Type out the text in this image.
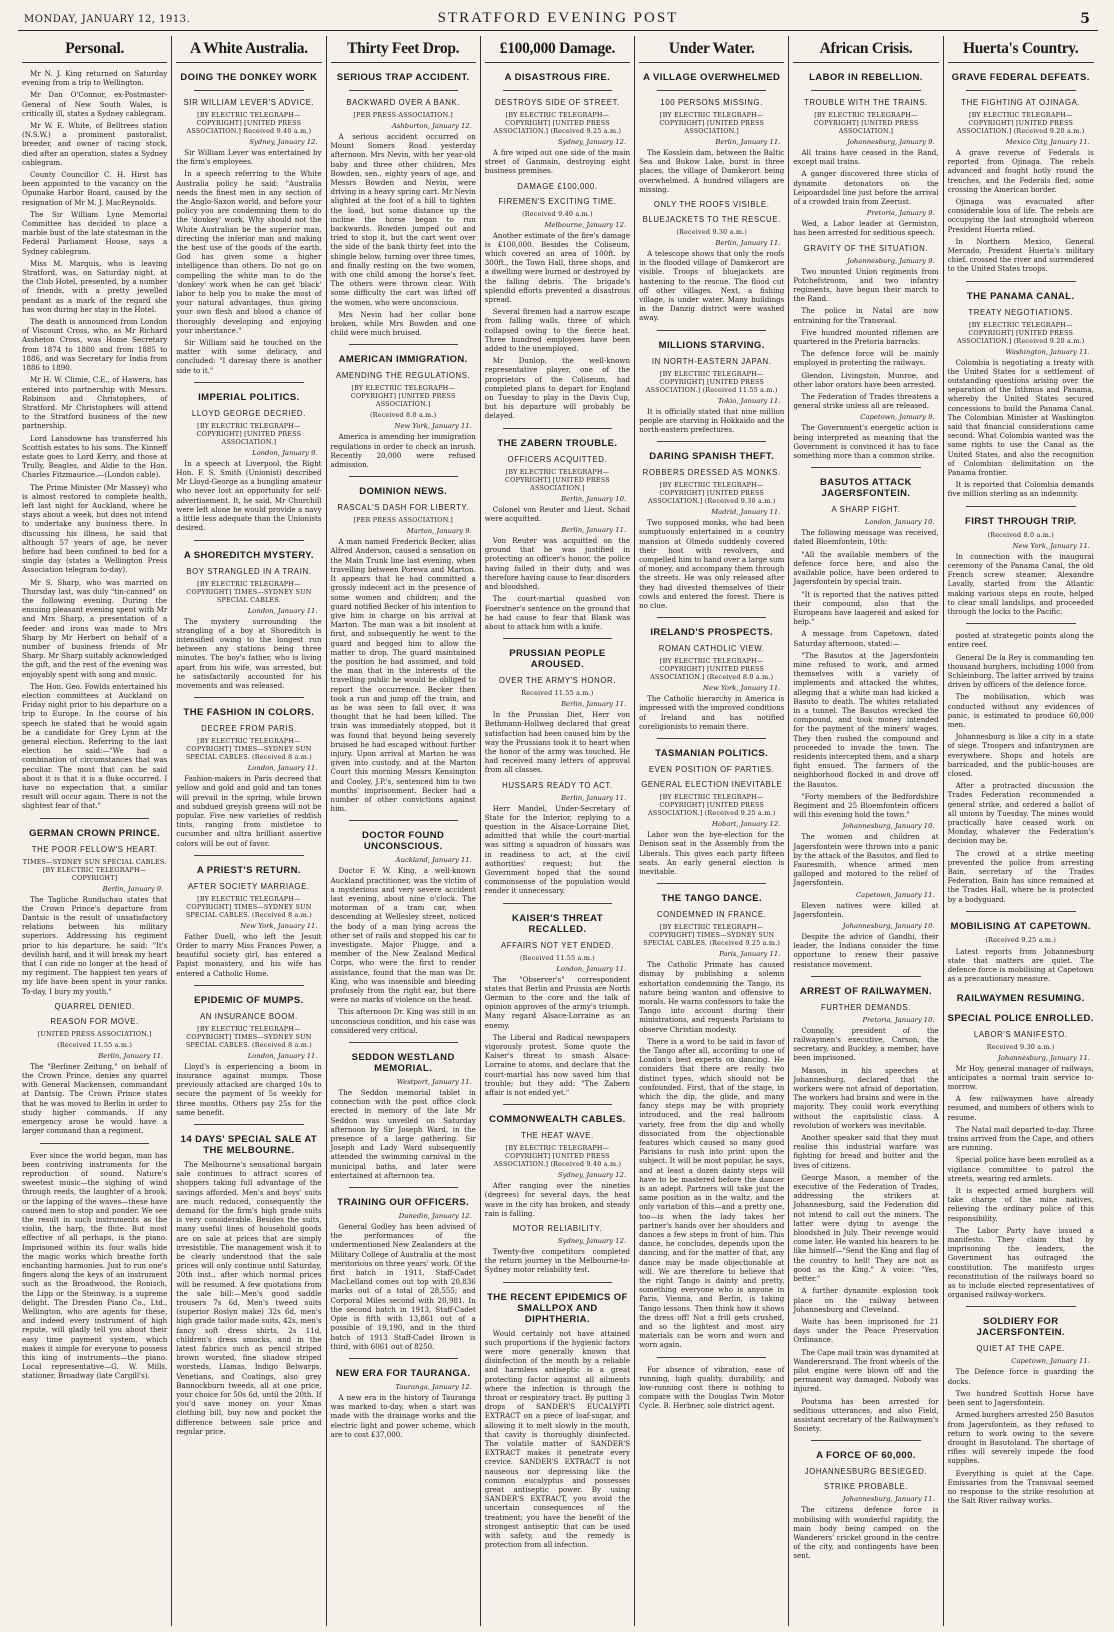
MONDAY, JANUARY 12, 1913.	STRATFORD EVENING POST	5
Personal.
Mr N. J. King returned on Saturday evening from a trip to Wellington.
Mr Dan O'Connor, ex-Postmaster-General of New South Wales, is critically ill, states a Sydney cablegram.
Mr W. E. White, of Belltrees station (N.S.W.) a prominent pastoralist, breeder, and owner of racing stock, died after an operation, states a Sydney cablegram.
County Councillor C. H. Hirst has been appointed to the vacancy on the Opunake Harbor Board, caused by the resignation of Mr M. J. MacReynolds.
The Sir William Lyne Memorial Committee has decided to place a marble bust of the late statesman in the Federal Parliament House, says a Sydney cablegram.
Miss M. Marquis, who is leaving Stratford, was, on Saturday night, at the Club Hotel, presented, by a number of friends, with a pretty jewelled pendant as a mark of the regard she has won during her stay in the Hotel.
The death is announced from London of Viscount Cross, who, as Mr Richard Assheton Cross, was Home Secretary from 1874 to 1880 and from 1885 to 1886, and was Secretary for India from 1886 to 1890.
Mr H. W. Climie, C.E., of Hawera, has entered into partnership with Messrs. Robinson and Christophers, of Stratford. Mr Christophers will attend to the Stratford business of the new partnership.
Lord Lansdowne has transferred his Scottish estates to his sons. The Kinneff estate goes to Lord Kerry, and those at Trully, Beagles, and Aldie to the Hon. Charles Fitzmaurice.—(London cable).
The Prime Minister (Mr Massey) who is almost restored to complete health, left last night for Auckland, where he stays about a week, but does not intend to undertake any business there. In discussing his illness, he said that although 57 years of age, he never before had been confined to bed for a single day (states a Wellington Press Association telegram to-day).
Mr S. Sharp, who was married on Thursday last, was duly "tin-canned" on the following evening. During the ensuing pleasant evening spent with Mr and Mrs Sharp, a presentation of a feeder and irons was made to Mrs Sharp by Mr Herbert on behalf of a number of business friends of Mr Sharp. Mr Sharp suitably acknowledged the gift, and the rest of the evening was enjoyably spent with song and music.
The Hon. Geo. Fowlds entertained his election committees at Auckland on Friday night prior to his departure on a trip to Europe. In the course of his speech he stated that he would again be a candidate for Grey Lynn at the general election. Referring to the last election he said:—"We had a combination of circumstances that was peculiar. The most that can be said about it is that it is a fluke occurred. I have no expectation that a similar result will occur again. There is not the slightest fear of that."
GERMAN CROWN PRINCE.
THE POOR FELLOW'S HEART.
TIMES—SYDNEY SUN SPECIAL CABLES. [BY ELECTRIC TELEGRAPH—COPYRIGHT]
Berlin, January 9.
The Tagliche Rundschau states that the Crown Prince's departure from Dantsic is the result of unsatisfactory relations between his military superiors. Addressing his regiment prior to his departure, he said: "It's devilish hard, and it will break my heart that I can ride no longer at the head of my regiment. The happiest ten years of my life have been spent in your ranks. To-day, I bury my youth."
QUARREL DENIED.
REASON FOR MOVE.
[UNITED PRESS ASSOCIATION.]
(Received 11.55 a.m.)
Berlin, January 11.
The "Berliner Zeitung," on behalf of the Crown Prince, denies any quarrel with General Mackensen, commandant at Dantsig. The Crown Prince states that he was moved to Berlin in order to study higher commands. If any emergency arose he would have a larger command than a regiment.
Ever since the world began, man has been contriving instruments for the reproduction of sound. Nature's sweetest music—the sighing of wind through reeds, the laughter of a brook, or the lapping of the waves—these have caused men to stop and ponder. We see the result in such instruments as the violin, the harp, the flute. But most effective of all perhaps, is the piano. Imprisoned within its four walls hide the magic works which breathe forth enchanting harmonies. Just to run one's fingers along the keys of an instrument such as the Broadwood, the Ronisch, the Lipp or the Steinway, is a supreme delight. The Dresden Piano Co., Ltd., Wellington, who are agents for these, and indeed every instrument of high repute, will gladly tell you about their easy time payment system, which makes it simple for everyone to possess this king of instruments—the piano. Local representative—G. W. Mills, stationer, Broadway (late Cargill's).
A White Australia.
DOING THE DONKEY WORK
SIR WILLIAM LEVER'S ADVICE.
[BY ELECTRIC TELEGRAPH—COPYRIGHT] [UNITED PRESS ASSOCIATION.] Received 9.40 a.m.)
Sydney, January 12.
Sir William Lever was entertained by the firm's employees.
In a speech referring to the White Australia policy he said: "Australia needs the finest men in any section of the Anglo-Saxon world, and before your policy you are condemning them to do the 'donkey' work. Why should not the White Australian be the superior man, directing the inferior man and making the best use of the goods of the earth. God has given some a higher intelligence than others. Do not go on compelling the white man to do the 'donkey' work when he can get 'black' labor to help you to make the most of your natural advantages, thus giving your own flesh and blood a chance of thoroughly developing and enjoying your inheritance."
Sir William said he touched on the matter with some delicacy, and concluded: "I daresay there is another side to it."
IMPERIAL POLITICS.
LLOYD GEORGE DECRIED.
[BY ELECTRIC TELEGRAPH—COPYRIGHT] [UNITED PRESS ASSOCIATION.]
London, January 9.
In a speech at Liverpool, the Right Hon. F. S. Smith (Unionist) described Mr Lloyd-George as a bungling amateur who never lost an opportunity for self-advertisement. It, he said, Mr Churchill were left alone he would provide a navy a little less adequate than the Unionists desired.
A SHOREDITCH MYSTERY.
BOY STRANGLED IN A TRAIN.
[BY ELECTRIC TELEGRAPH—COPYRIGHT] TIMES—SYDNEY SUN SPECIAL CABLES.
London, January 11.
The mystery surrounding the strangling of a boy at Shoreditch is intensified owing to the longest run between any stations being three minutes. The boy's father, who is living apart from his wife, was arrested, but he satisfactorily accounted for his movements and was released.
THE FASHION IN COLORS.
DECREE FROM PARIS.
[BY ELECTRIC TELEGRAPH—COPYRIGHT] TIMES—SYDNEY SUN SPECIAL CABLES. (Received 8 a.m.)
London, January 11.
Fashion-makers in Paris decreed that yellow and gold and gold and tan tones will prevail in the spring, while brown and subdued greyish greens will not be popular. Five new varieties of reddish tints, ranging from mistletoe to cucumber and ultra brilliant assertive colors will be out of favor.
A PRIEST'S RETURN.
AFTER SOCIETY MARRIAGE.
[BY ELECTRIC TELEGRAPH—COPYRIGHT] TIMES—SYDNEY SUN SPECIAL CABLES. (Received 8 a.m.)
New York, January 11.
Father Duell, who left the Jesuit Order to marry Miss Frances Power, a beautiful society girl, has entered a Papist monastery, and his wife has entered a Catholic Home.
EPIDEMIC OF MUMPS.
AN INSURANCE BOOM.
[BY ELECTRIC TELEGRAPH—COPYRIGHT] TIMES—SYDNEY SUN SPECIAL CABLES. (Received 8 a.m.)
London, January 11.
Lloyd's is experiencing a boom in insurance against mumps. Those previously attacked are charged 10s to secure the payment of 5s weekly for three months. Others pay 25s for the same benefit.
14 DAYS' SPECIAL SALE AT THE MELBOURNE.
The Melbourne's sensational bargain sale continues to attract scores of shoppers taking full advantage of the savings afforded. Men's and boys' suits are much reduced, consequently the demand for the firm's high grade suits is very considerable. Besides the suits, many useful lines of household goods are on sale at prices that are simply irresistible. The management wish it to be clearly understood that the sale prices will only continue until Saturday, 20th inst., after which normal prices will be resumed. A few quotations from the sale bill:—Men's good saddle trousers 7s 6d, Men's tweed suits (superior Roslyn make) 32s 6d, men's high grade tailor made suits, 42s, men's fancy soft dress shirts, 2s 11d, children's dress smocks, and in the latest fabrics such as pencil striped brown worsted, fine shadow striped worsteds, Llamas, Indigo Belwarps, Venetians, and Coatings, also grey Bannockburn tweeds, all at one price, your choice for 50s 6d, until the 20th. If you'd save money on your Xmas clothing bill, buy now and pocket the difference between sale price and regular price.
Thirty Feet Drop.
SERIOUS TRAP ACCIDENT.
BACKWARD OVER A BANK.
[PER PRESS ASSOCIATION.]
Ashburton, January 12.
A serious accident occurred on Mount Somers Road yesterday afternoon. Mrs Nevin, with her year-old baby and three other children, Mrs Bowden, sen., eighty years of age, and Messrs Bowden and Nevin, were driving in a heavy spring cart. Mr Nevin alighted at the foot of a hill to tighten the load, but some distance up the incline the horse began to run backwards. Bowden jumped out and tried to stop it, but the cart went over the side of the bank thirty feet into the shingle below, turning over three times, and finally resting on the two women, with one child among the horse's feet. The others were thrown clear. With some difficulty the cart was lifted off the women, who were unconscious.
Mrs Nevin had her collar bone broken, while Mrs Bowden and one child were much bruised.
AMERICAN IMMIGRATION.
AMENDING THE REGULATIONS.
[BY ELECTRIC TELEGRAPH—COPYRIGHT] [UNITED PRESS ASSOCIATION.]
(Received 8.0 a.m.)
New York, January 11.
America is amending her immigration regulations in order to check an inrush. Recently 20,000 were refused admission.
DOMINION NEWS.
RASCAL'S DASH FOR LIBERTY.
[PER PRESS ASSOCIATION.]
Marton, January 9.
A man named Frederick Becker, alias Alfred Anderson, caused a sensation on the Main Trunk line last evening, when travelling between Porewa and Marton. It appears that he had committed a grossly indecent act in the presence of some women and children; and the guard notified Becker of his intention to give him in charge on his arrival at Marton. The man was a bit insolent at first, and subsequently he went to the guard and begged him to allow the matter to drop. The guard maintained the position he had assumed, and told the man that in the interests of the travelling public he would be obliged to report the occurrence. Becker then took a run and jump off the train, and as he was seen to fall over, it was thought that he had been killed. The train was immediately stopped, but it was found that beyond being severely bruised he had escaped without further injury. Upon arrival at Marton he was given into custody, and at the Marton Court this morning Messrs Kensington and Cooley, J.P.'s, sentenced him to two months' imprisonment. Becker had a number of other convictions against him.
DOCTOR FOUND UNCONSCIOUS.
Auckland, January 11.
Doctor F. W. King, a well-known Auckland practitioner, was the victim of a mysterious and very severe accident last evening, about nine o'clock. The motorman of a tram car, when descending at Wellesley street, noticed the body of a man lying across the other set of rails and stopped his car to investigate. Major Plugge, and a member of the New Zealand Medical Corps, who were the first to render assistance, found that the man was Dr. King, who was insensible and bleeding profusely from the right ear, but there were no marks of violence on the head.
This afternoon Dr. King was still in an unconscious condition, and his case was considered very critical.
SEDDON WESTLAND MEMORIAL.
Westport, January 11.
The Seddon memorial tablet in connection with the post office clock erected in memory of the late Mr Seddon was unveiled on Saturday afternoon by Sir Joseph Ward, in the presence of a large gathering. Sir Joseph and Lady Ward subsequently attended the swimming carnival in the municipal baths, and later were entertained at afternoon tea.
TRAINING OUR OFFICERS.
Dunedin, January 12.
General Godley has been advised of the performances of the undermentioned New Zealanders at the Military College of Australia at the most meritorious on three years' work. Of the first batch in 1911, Staff-Cadet MacLelland comes out top with 20,836 marks out of a total of 28,555; and Corporal Miles second with 20,981. In the second batch in 1913, Staff-Cadet Opie is fifth with 13,861 out of a possible of 19,190, and in the third batch of 1913 Staff-Cadet Brown is third, with 6061 out of 8250.
NEW ERA FOR TAURANGA.
Tauranga, January 12.
A new era in the history of Tauranga was marked to-day, when a start was made with the drainage works and the electric light and power scheme, which are to cost £37,000.
£100,000 Damage.
A DISASTROUS FIRE.
DESTROYS SIDE OF STREET.
[BY ELECTRIC TELEGRAPH—COPYRIGHT] [UNITED PRESS ASSOCIATION.] (Received 9.25 a.m.)
Sydney, January 12.
A fire wiped out one side of the main street of Ganmain, destroying eight business premises.
DAMAGE £100,000.
FIREMEN'S EXCITING TIME.
(Received 9.40 a.m.)
Melbourne, January 12.
Another estimate of the fire's damage is £100,000. Besides the Coliseum, which covered an area of 100ft. by 300ft., the Town Hall, three shops, and a dwelling were burned or destroyed by the falling debris. The brigade's splendid efforts prevented a disastrous spread.
Several firemen had a narrow escape from falling walls, three of which collapsed owing to the fierce heat. Three hundred employees have been added to the unemployed.
Mr Dunlop, the well-known representative player, one of the proprietors of the Coliseum, had completed plans to depart for England on Tuesday to play in the Davis Cup, but his departure will probably be delayed.
THE ZABERN TROUBLE.
OFFICERS ACQUITTED.
[BY ELECTRIC TELEGRAPH—COPYRIGHT] [UNITED PRESS ASSOCIATION.]
Berlin, January 10.
Colonel von Reuter and Lieut. Schad were acquitted.
Berlin, January 11.
Von Reuter was acquitted on the ground that he was justified in protecting an officer's honor, the police having failed in their duty, and was therefore having cause to fear disorders and bloodshed.
The court-martial quashed von Foerstner's sentence on the ground that he had cause to fear that Blank was about to attack him with a knife.
PRUSSIAN PEOPLE AROUSED.
OVER THE ARMY'S HONOR.
Received 11.55 a.m.)
Berlin, January 11.
In the Prussian Diet, Herr von Bethmann-Hollweg declared that great satisfaction had been caused him by the way the Prussians took it to heart when the honor of the army was touched. He had received many letters of approval from all classes.
HUSSARS READY TO ACT.
Berlin, January 11.
Herr Mandel, Under-Secretary of State for the Interior, replying to a question in the Alsace-Lorraine Diet, admitted that while the court-martial was sitting a squadron of hussars was in readiness to act, at the civil authorities' request; but the Government hoped that the sound commonsense of the population would render it unnecessary.
KAISER'S THREAT RECALLED.
AFFAIRS NOT YET ENDED.
(Received 11.55 a.m.)
London, January 11.
The "Observer's" correspondent states that Berlin and Prussia are North German to the core and the talk of opinion approves of the army's triumph. Many regard Alsace-Lorraine as an enemy.
The Liberal and Radical newspapers vigorously protest. Some quote the Kaiser's threat to smash Alsace-Lorraine to atoms, and declare that the court-martial has now saved him that trouble; but they add: "The Zabern affair is not ended yet."
COMMONWEALTH CABLES.
THE HEAT WAVE.
[BY ELECTRIC TELEGRAPH—COPYRIGHT] [UNITED PRESS ASSOCIATION.] (Received 9.40 a.m.)
Sydney, January 12.
After ranging over the nineties (degrees) for several days, the heat wave in the city has broken, and steady rain is falling.
MOTOR RELIABILITY.
Sydney, January 12.
Twenty-five competitors completed the return journey in the Melbourne-to-Sydney motor reliability test.
THE RECENT EPIDEMICS OF SMALLPOX AND DIPHTHERIA.
Would certainly not have attained such proportions if the hygienic factors were more generally known that disinfection of the mouth by a reliable and harmless antiseptic is a great protecting factor against all ailments where the infection is through the throat or respiratory tract. By putting 3 drops of SANDER'S EUCALYPTI EXTRACT on a piece of loaf-sugar, and allowing it to melt slowly in the mouth, that cavity is thoroughly disinfected. The volatile matter of SANDER'S EXTRACT makes it penetrate every crevice. SANDER'S EXTRACT is not nauseous nor depressing like the common eucalyptus and possesses great antiseptic power. By using SANDER'S EXTRACT, you avoid the uncertain consequences of the treatment; you have the benefit of the strongest antiseptic that can be used with safety, and the remedy is protection from all infection.
Under Water.
A VILLAGE OVERWHELMED
100 PERSONS MISSING.
[BY ELECTRIC TELEGRAPH—COPYRIGHT] [UNITED PRESS ASSOCIATION.]
Berlin, January 11.
The Kosslein dam, between the Baltic Sea and Bukow Lake, burst in three places, the village of Damkerort being overwhelmed. A hundred villagers are missing.
ONLY THE ROOFS VISIBLE.
BLUEJACKETS TO THE RESCUE.
(Received 9.30 a.m.)
Berlin, January 11.
A telescope shows that only the roofs in the flooded village of Damkerort are visible. Troops of bluejackets are hastening to the rescue. The flood cut off other villages. Next, a fishing village, is under water. Many buildings in the Danzig district were washed away.
MILLIONS STARVING.
IN NORTH-EASTERN JAPAN.
[BY ELECTRIC TELEGRAPH—COPYRIGHT] [UNITED PRESS ASSOCIATION.] (Received 11.55 a.m.)
Tokio, January 11.
It is officially stated that nine million people are starving in Hokkaido and the north-eastern prefectures.
DARING SPANISH THEFT.
ROBBERS DRESSED AS MONKS.
[BY ELECTRIC TELEGRAPH—COPYRIGHT] [UNITED PRESS ASSOCIATION.] (Received 9.30 a.m.)
Madrid, January 11.
Two supposed monks, who had been sumptuously entertained in a country mansion at Olmedo suddenly covered their host with revolvers, and compelled him to hand over a large sum of money, and accompany them through the streets. He was only released after they had divested themselves of their cowls and entered the forest. There is no clue.
IRELAND'S PROSPECTS.
ROMAN CATHOLIC VIEW.
[BY ELECTRIC TELEGRAPH—COPYRIGHT] [UNITED PRESS ASSOCIATION.] (Received 8.0 a.m.)
New York, January 11.
The Catholic hierarchy in America is impressed with the improved conditions of Ireland and has notified coreligionists to remain there.
TASMANIAN POLITICS.
EVEN POSITION OF PARTIES.
GENERAL ELECTION INEVITABLE
[BY ELECTRIC TELEGRAPH—COPYRIGHT] [UNITED PRESS ASSOCIATION.] (Received 9.25 a.m.)
Hobart, January 12.
Labor won the bye-election for the Denison seat in the Assembly from the Liberals. This gives each party fifteen seats. An early general election is inevitable.
THE TANGO DANCE.
CONDEMNED IN FRANCE.
[BY ELECTRIC TELEGRAPH—COPYRIGHT] TIMES—SYDNEY SUN SPECIAL CABLES. (Received 9.25 a.m.)
Paris, January 11.
The Catholic Primate has caused dismay by publishing a solemn exhortation condemning the Tango, its nature being wanton and offensive to morals. He warns confessors to take the Tango into account during their ministrations, and requests Parisians to observe Christian modesty.
There is a word to be said in favor of the Tango after all, according to one of London's best experts on dancing. He considers that there are really two distinct types, which should not be confounded. First, that of the stage, in which the dip, the glide, and many fancy steps may be with propriety introduced, and the real ballroom variety, free from the dip and wholly dissociated from the objectionable features which caused so many good Parisians to rush into print upon the subject. It will be most popular, he says, and at least a dozen dainty steps will have to be mastered before the dancer is an adept. Partners will take just the same position as in the waltz, and the only variation of this—and a pretty one, too—is when the lady takes her partner's hands over her shoulders and dances a few steps in front of him. This dance, he concludes, depends upon the dancing, and for the matter of that, any dance may be made objectionable at will. We are therefore to believe that the right Tango is dainty and pretty, something everyone who is anyone in Paris, Vienna, and Berlin, is taking Tango lessons. Then think how it shows the dress off! Not a frill gets crushed, and so the lightest and most airy materials can be worn and worn and worn again.
For absence of vibration, ease of running, high quality, durability, and low-running cost there is nothing to compare with the Douglas Twin Motor Cycle. B. Herbner, sole district agent.
African Crisis.
LABOR IN REBELLION.
TROUBLE WITH THE TRAINS.
[BY ELECTRIC TELEGRAPH—COPYRIGHT] [UNITED PRESS ASSOCIATION.]
Johannesburg, January 9.
All trains have ceased in the Rand, except mail trains.
A ganger discovered three sticks of dynamite detonators on the Leipoardsdel line just before the arrival of a crowded train from Zeerust.
Pretoria, January 9.
Wed, a Labor leader at Germiston, has been arrested for seditious speech.
GRAVITY OF THE SITUATION.
Johannesburg, January 9.
Two mounted Union regiments from Potchefstroom, and two infantry regiments, have begun their march to the Rand.
The police in Natal are now entraining for the Transvaal.
Five hundred mounted riflemen are quartered in the Pretoria barracks.
The defence force will be mainly employed in protecting the railways.
Glendon, Livingston, Munroe, and other labor orators have been arrested.
The Federation of Trades threatens a general strike unless all are released.
Capetown, January 9.
The Government's energetic action is being interpreted as meaning that the Government is convinced it has to face something more than a common strike.
BASUTOS ATTACK JAGERSFONTEIN.
A SHARP FIGHT.
London, January 10.
The following message was received, dated Bloemfontein, 10th:
"All the available members of the defence force here, and also the available police, have been ordered to Jagersfontein by special train.
"It is reported that the natives pitted their compound, also that the Europeans have laagered and asked for help."
A message from Capetown, dated Saturday afternoon, stated:—
"The Basutos at the Jagersfontein mine refused to work, and armed themselves with a variety of implements and attacked the whites, alleging that a white man had kicked a Basuto to death. The whites retaliated in a tunnel. The Basutos wrecked the compound, and took money intended for the payment of the miners' wages. They then rushed the compound and proceeded to invade the town. The residents intercepted them, and a sharp fight ensued. The farmers of the neighborhood flocked in and drove off the Basutos.
"Forty members of the Bedfordshire Regiment and 25 Bloemfontein officers will this evening hold the town."
Johannesburg, January 10.
The women and children at Jagersfontein were thrown into a panic by the attack of the Basutos, and fled to Fauresmith, whence armed men galloped and motored to the relief of Jagersfontein.
Capetown, January 11.
Eleven natives were killed at Jagersfontein.
Johannesburg, January 10.
Despite the advice of Gandhi, their leader, the Indians consider the time opportune to renew their passive resistance movement.
ARREST OF RAILWAYMEN.
FURTHER DEMANDS.
Pretoria, January 10.
Connolly, president of the railwaymen's executive, Carson, the secretary, and Buckley, a member, have been imprisoned.
Mason, in his speeches at Johannesburg, declared that the workers were not afraid of deportation. The workers had brains and were in the majority. They could work everything without the capitalistic class. A revolution of workers was inevitable.
Another speaker said that they must realise this industrial warfare was fighting for bread and butter and the lives of citizens.
George Mason, a member of the executive of the Federation of Trades, addressing the strikers at Johannesburg, said the Federation did not intend to call out the miners. The latter were dying to avenge the bloodshed in July. Their revenge would come later. He wanted his hearers to be like himself—"Send the King and flag of the country to hell! They are not as good as the King." A voice: "Yes, better."
A further dynamite explosion took place on the railway between Johannesburg and Cleveland.
Waite has been imprisoned for 21 days under the Peace Preservation Ordinance.
The Cape mail train was dynamited at Wanderersrand. The front wheels of the pilot engine were blown off and the permanent way damaged. Nobody was injured.
Poutsma has been arrested for seditious utterances, and also Field, assistant secretary of the Railwaymen's Society.
A FORCE OF 60,000.
JOHANNESBURG BESIEGED.
STRIKE PROBABLE.
Johannesburg, January 11.
The citizens defence force is mobilising with wonderful rapidity, the main body being camped on the Wanderers' cricket ground in the centre of the city, and contingents have been sent.
Huerta's Country.
GRAVE FEDERAL DEFEATS.
THE FIGHTING AT OJINAGA.
[BY ELECTRIC TELEGRAPH—COPYRIGHT] [UNITED PRESS ASSOCIATION.] (Received 9.20 a.m.)
Mexico City, January 11.
A grave reverse of Federals is reported from Ojinaga. The rebels advanced and fought hotly round the trenches, and the Federals fled, some crossing the American border.
Ojinaga was evacuated after considerable loss of life. The rebels are occupying the last stronghold whereon President Huerta relied.
In Northern Mexico, General Mercado, President Huerta's military chief, crossed the river and surrendered to the United States troops.
THE PANAMA CANAL.
TREATY NEGOTIATIONS.
[BY ELECTRIC TELEGRAPH—COPYRIGHT] [UNITED PRESS ASSOCIATION.] (Received 9.20 a.m.)
Washington, January 11.
Colombia is negotiating a treaty with the United States for a settlement of outstanding questions arising over the separation of the Isthmus and Panama, whereby the United States secured concessions to build the Panama Canal. The Colombian Minister at Washington said that financial considerations came second. What Colombia wanted was the same rights to use the Canal as the United States, and also the recognition of Colombian delimitation on the Panama frontier.
It is reported that Colombia demands five million sterling as an indemnity.
FIRST THROUGH TRIP.
(Received 8.0 a.m.)
New York, January 11.
In connection with the inaugural ceremony of the Panama Canal, the old French screw steamer, Alexandre Lavally, started from the Atlantic making various steps en route, helped to clear small landslips, and proceeded through the locks to the Pacific.
posted at strategetic points along the entire reef.
General De la Rey is commanding ten thousand burghers, including 1000 from Schleinburg. The latter arrived by trains driven by officers of the defence force.
The mobilisation, which was conducted without any evidences of panic, is estimated to produce 60,000 men.
Johannesburg is like a city in a state of siege. Troopers and infantrymen are everywhere. Shops and hotels are barricaded, and the public-houses are closed.
After a protracted discussion the Trades Federation recommended a general strike, and ordered a ballot of all unions by Tuesday. The mines would practically have ceased work on Monday, whatever the Federation's decision may be.
The crowd at a strike meeting prevented the police from arresting Bain, secretary of the Trades Federation. Bain has since remained at the Trades Hall, where he is protected by a bodyguard.
MOBILISING AT CAPETOWN.
(Received 9.25 a.m.)
Latest reports from Johannesburg state that matters are quiet. The defence force is mobilising at Capetown as a precautionary measure.
RAILWAYMEN RESUMING.
SPECIAL POLICE ENROLLED.
LABOR'S MANIFESTO.
Received 9.30 a.m.)
Johannesburg, January 11.
Mr Hoy, general manager of railways, anticipates a normal train service to-morrow.
A few railwaymen have already resumed, and numbers of others wish to resume.
The Natal mail departed to-day. Three trains arrived from the Cape, and others are running.
Special police have been enrolled as a vigilance committee to patrol the streets, wearing red armlets.
It is expected armed burghers will take charge of the mine natives, relieving the ordinary police of this responsibility.
The Labor Party have issued a manifesto. They claim that by imprisoning the leaders, the Government has outraged the constitution. The manifesto urges reconstitution of the railways board so as to include elected representatives of organised railway-workers.
SOLDIERY FOR JACERSFONTEIN.
QUIET AT THE CAPE.
Capetown, January 11.
The Defence force is guarding the docks.
Two hundred Scottish Horse have been sent to Jagersfontein.
Armed burghers arrested 250 Basutos from Jagersfontein, as they refused to return to work owing to the severe drought in Basutoland. The shortage of rifles will severely impede the food supplies.
Everything is quiet at the Cape. Emissaries from the Transvaal seemed no response to the strike resolution at the Salt River railway works.
